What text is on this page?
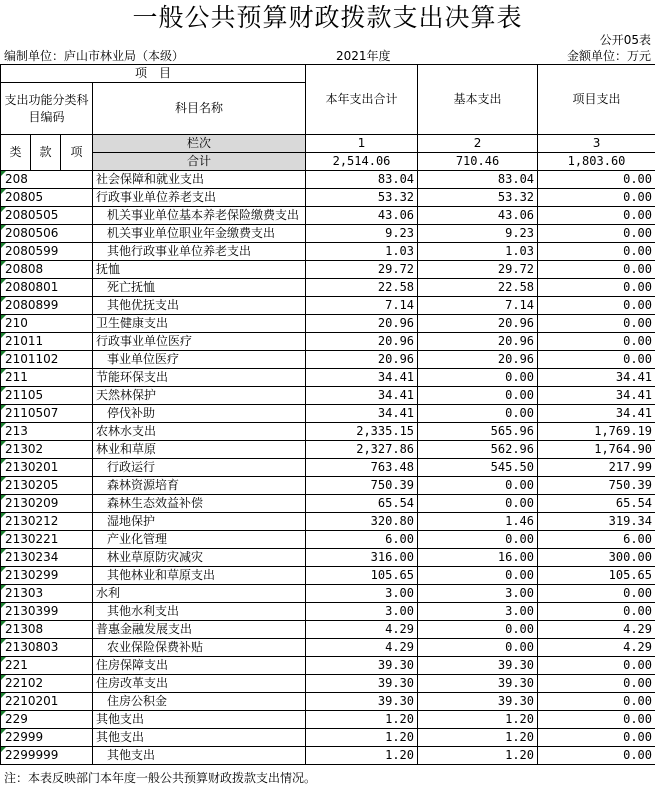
一般公共预算财政拨款支出决算表
公开05表
编制单位：庐山市林业局（本级）	2021年度	金额单位：万元
项　目				本年支出合计	基本支出	项目支出
支出功能分类科目编码			科目名称			

类	款	项	栏次	1	2	3
			合计	2,514.06	710.46	1,803.60
208			社会保障和就业支出	83.04	83.04	0.00
20805			行政事业单位养老支出	53.32	53.32	0.00
2080505			机关事业单位基本养老保险缴费支出	43.06	43.06	0.00
2080506			机关事业单位职业年金缴费支出	9.23	9.23	0.00
2080599			其他行政事业单位养老支出	1.03	1.03	0.00
20808			抚恤	29.72	29.72	0.00
2080801			死亡抚恤	22.58	22.58	0.00
2080899			其他优抚支出	7.14	7.14	0.00
210			卫生健康支出	20.96	20.96	0.00
21011			行政事业单位医疗	20.96	20.96	0.00
2101102			事业单位医疗	20.96	20.96	0.00
211			节能环保支出	34.41	0.00	34.41
21105			天然林保护	34.41	0.00	34.41
2110507			停伐补助	34.41	0.00	34.41
213			农林水支出	2,335.15	565.96	1,769.19
21302			林业和草原	2,327.86	562.96	1,764.90
2130201			行政运行	763.48	545.50	217.99
2130205			森林资源培育	750.39	0.00	750.39
2130209			森林生态效益补偿	65.54	0.00	65.54
2130212			湿地保护	320.80	1.46	319.34
2130221			产业化管理	6.00	0.00	6.00
2130234			林业草原防灾减灾	316.00	16.00	300.00
2130299			其他林业和草原支出	105.65	0.00	105.65
21303			水利	3.00	3.00	0.00
2130399			其他水利支出	3.00	3.00	0.00
21308			普惠金融发展支出	4.29	0.00	4.29
2130803			农业保险保费补贴	4.29	0.00	4.29
221			住房保障支出	39.30	39.30	0.00
22102			住房改革支出	39.30	39.30	0.00
2210201			住房公积金	39.30	39.30	0.00
229			其他支出	1.20	1.20	0.00
22999			其他支出	1.20	1.20	0.00
2299999			其他支出	1.20	1.20	0.00
注：本表反映部门本年度一般公共预算财政拨款支出情况。
